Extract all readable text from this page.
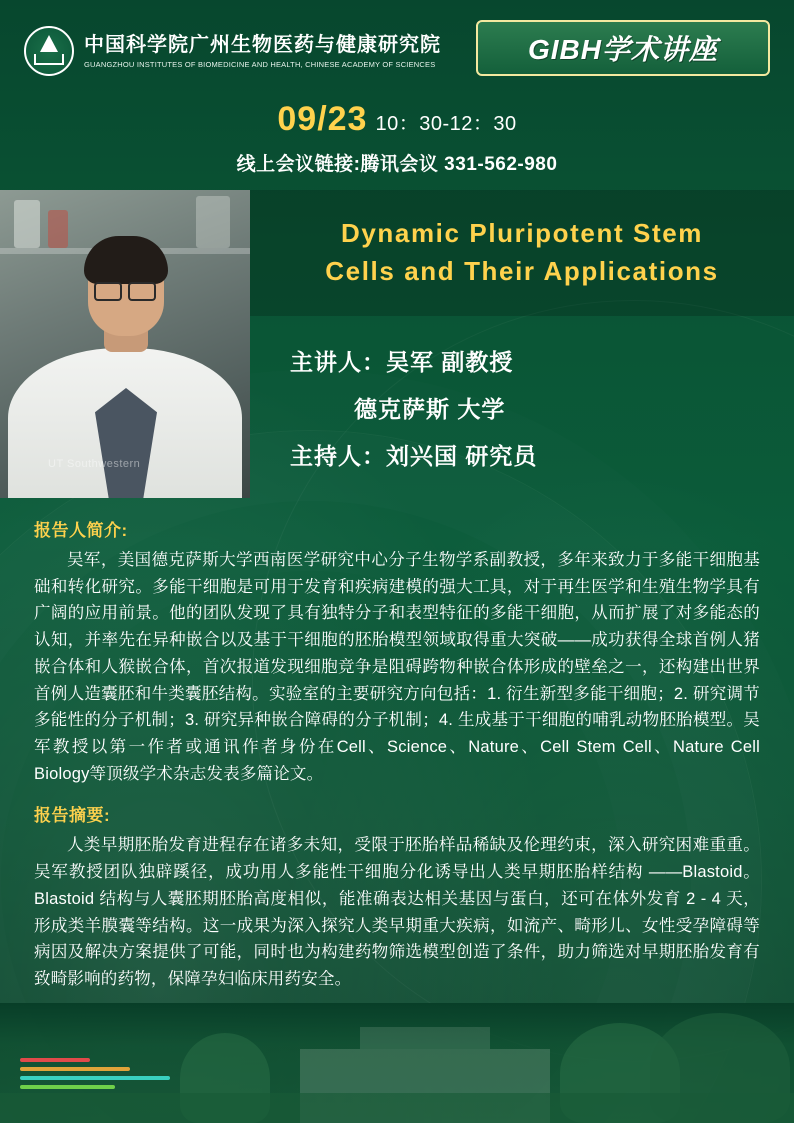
中国科学院广州生物医药与健康研究院
GUANGZHOU INSTITUTES OF BIOMEDICINE AND HEALTH, CHINESE ACADEMY OF SCIENCES	GIBH学术讲座
09/23 10：30-12：30
线上会议链接:腾讯会议 331-562-980
UT Southwestern
Dynamic Pluripotent Stem
Cells and Their Applications
主讲人：吴军 副教授
德克萨斯 大学
主持人：刘兴国 研究员
报告人简介:
吴军，美国德克萨斯大学西南医学研究中心分子生物学系副教授，多年来致力于多能干细胞基础和转化研究。多能干细胞是可用于发育和疾病建模的强大工具，对于再生医学和生殖生物学具有广阔的应用前景。他的团队发现了具有独特分子和表型特征的多能干细胞，从而扩展了对多能态的认知，并率先在异种嵌合以及基于干细胞的胚胎模型领域取得重大突破——成功获得全球首例人猪嵌合体和人猴嵌合体，首次报道发现细胞竞争是阻碍跨物种嵌合体形成的壁垒之一，还构建出世界首例人造囊胚和牛类囊胚结构。实验室的主要研究方向包括：1. 衍生新型多能干细胞；2. 研究调节多能性的分子机制；3. 研究异种嵌合障碍的分子机制；4. 生成基于干细胞的哺乳动物胚胎模型。吴军教授以第一作者或通讯作者身份在Cell、Science、Nature、Cell Stem Cell、Nature Cell Biology等顶级学术杂志发表多篇论文。
报告摘要:
人类早期胚胎发育进程存在诸多未知，受限于胚胎样品稀缺及伦理约束，深入研究困难重重。吴军教授团队独辟蹊径，成功用人多能性干细胞分化诱导出人类早期胚胎样结构 ——Blastoid。Blastoid 结构与人囊胚期胚胎高度相似，能准确表达相关基因与蛋白，还可在体外发育 2 - 4 天，形成类羊膜囊等结构。这一成果为深入探究人类早期重大疾病，如流产、畸形儿、女性受孕障碍等病因及解决方案提供了可能，同时也为构建药物筛选模型创造了条件，助力筛选对早期胚胎发育有致畸影响的药物，保障孕妇临床用药安全。
